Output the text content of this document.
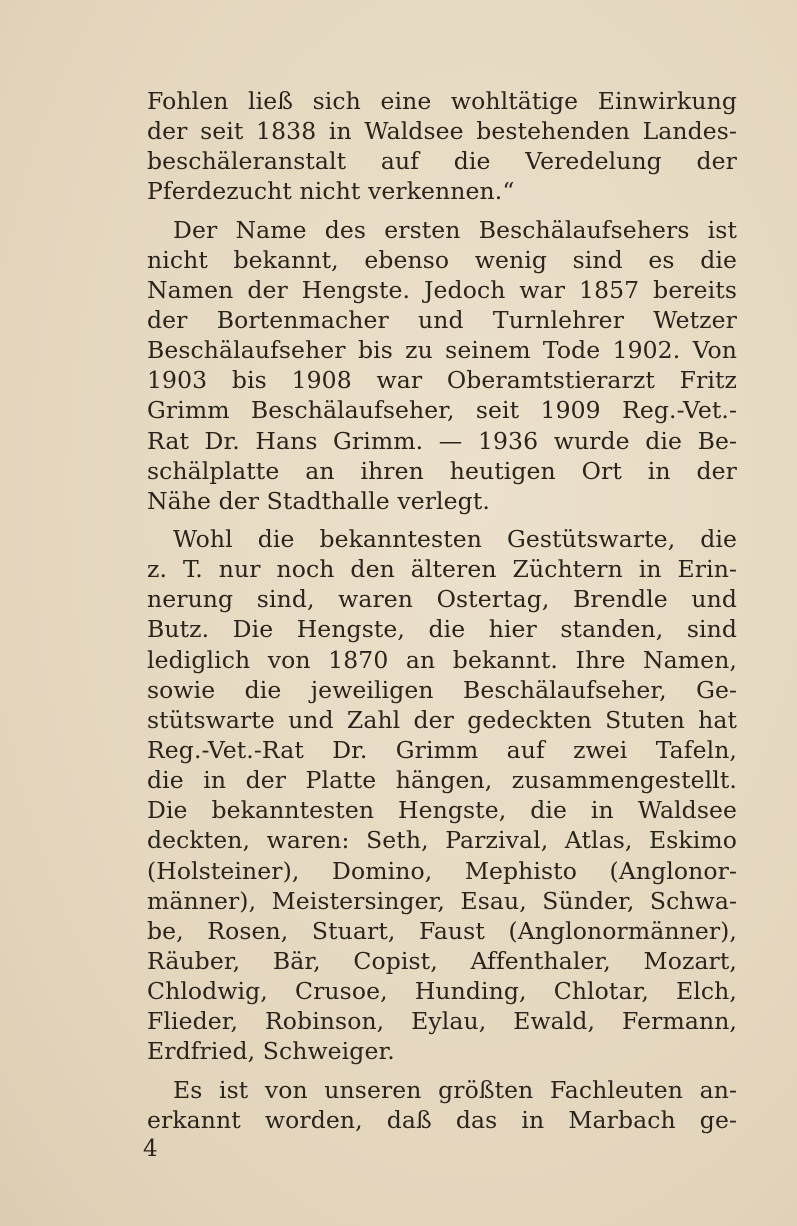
Fohlen ließ sich eine wohltätige Einwirkung
der seit 1838 in Waldsee bestehenden Landes-
beschäleranstalt auf die Veredelung der
Pferdezucht nicht verkennen.“
Der Name des ersten Beschälaufsehers ist
nicht bekannt, ebenso wenig sind es die
Namen der Hengste. Jedoch war 1857 bereits
der Bortenmacher und Turnlehrer Wetzer
Beschälaufseher bis zu seinem Tode 1902. Von
1903 bis 1908 war Oberamtstierarzt Fritz
Grimm Beschälaufseher, seit 1909 Reg.-Vet.-
Rat Dr. Hans Grimm. — 1936 wurde die Be-
schälplatte an ihren heutigen Ort in der
Nähe der Stadthalle verlegt.
Wohl die bekanntesten Gestütswarte, die
z. T. nur noch den älteren Züchtern in Erin-
nerung sind, waren Ostertag, Brendle und
Butz. Die Hengste, die hier standen, sind
lediglich von 1870 an bekannt. Ihre Namen,
sowie die jeweiligen Beschälaufseher, Ge-
stütswarte und Zahl der gedeckten Stuten hat
Reg.-Vet.-Rat Dr. Grimm auf zwei Tafeln,
die in der Platte hängen, zusammengestellt.
Die bekanntesten Hengste, die in Waldsee
deckten, waren: Seth, Parzival, Atlas, Eskimo
(Holsteiner), Domino, Mephisto (Anglonor-
männer), Meistersinger, Esau, Sünder, Schwa-
be, Rosen, Stuart, Faust (Anglonormänner),
Räuber, Bär, Copist, Affenthaler, Mozart,
Chlodwig, Crusoe, Hunding, Chlotar, Elch,
Flieder, Robinson, Eylau, Ewald, Fermann,
Erdfried, Schweiger.
Es ist von unseren größten Fachleuten an-
erkannt worden, daß das in Marbach ge-
4
